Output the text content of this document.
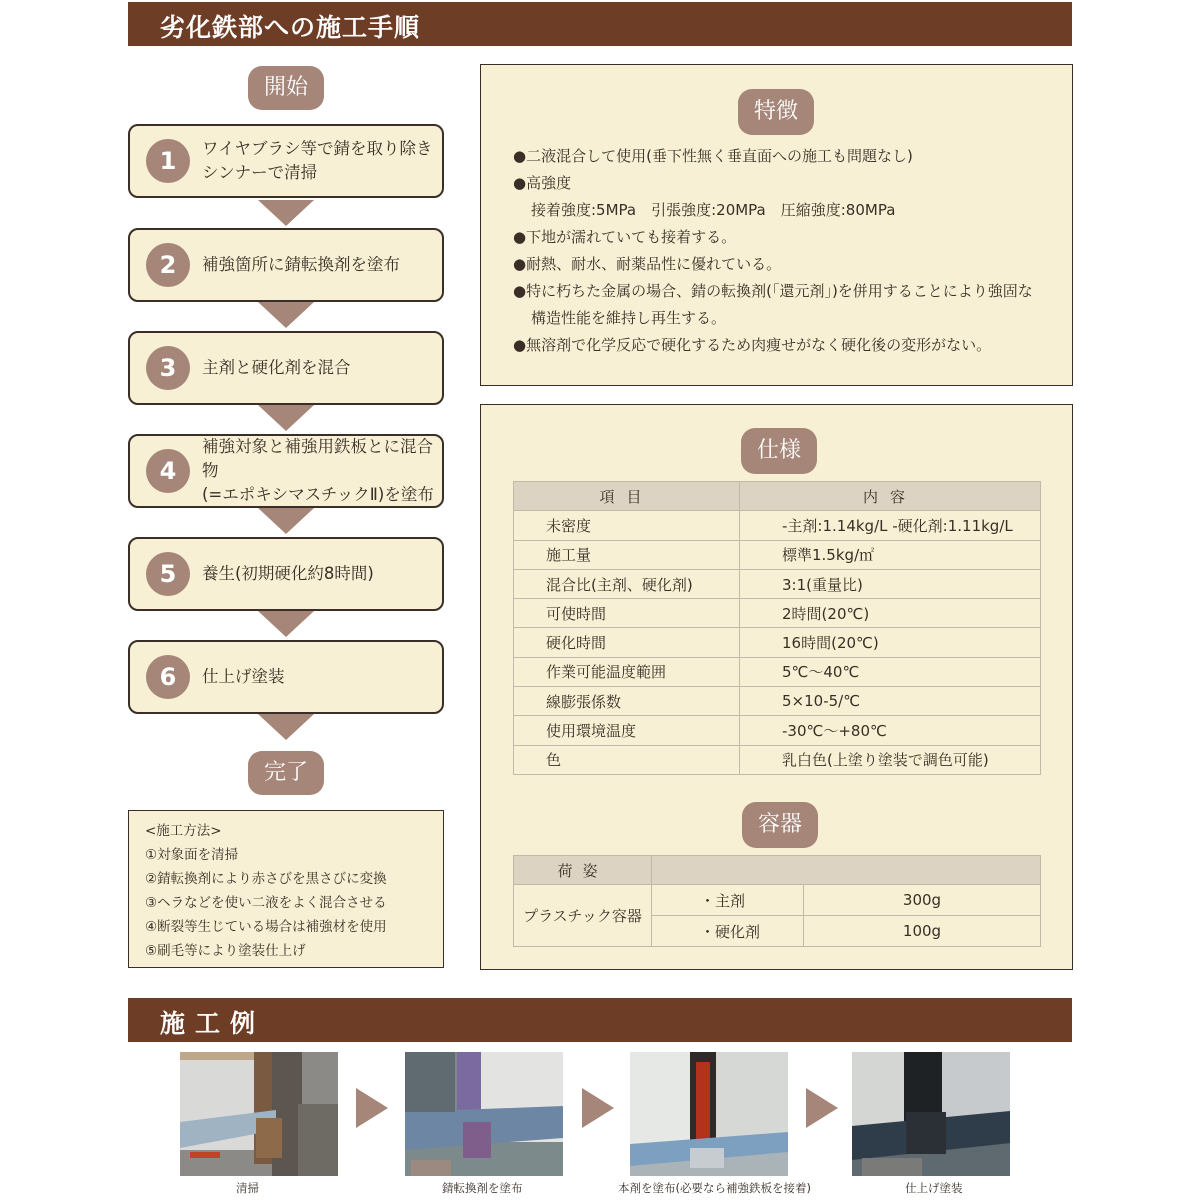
劣化鉄部への施工手順
開始
1	ワイヤブラシ等で錆を取り除き
シンナーで清掃
2	補強箇所に錆転換剤を塗布
3	主剤と硬化剤を混合
4
補強対象と補強用鉄板とに混合物
(=エポキシマスチックⅡ)を塗布
5	養生(初期硬化約8時間)
6	仕上げ塗装
完了
<施工方法>
①対象面を清掃
②錆転換剤により赤さびを黒さびに変換
③ヘラなどを使い二液をよく混合させる
④断裂等生じている場合は補強材を使用
⑤刷毛等により塗装仕上げ
特徴
●二液混合して使用(垂下性無く垂直面への施工も問題なし)
●高強度
接着強度:5MPa　引張強度:20MPa　圧縮強度:80MPa
●下地が濡れていても接着する。
●耐熱、耐水、耐薬品性に優れている。
●特に朽ちた金属の場合、錆の転換剤(「還元剤」)を併用することにより強固な
構造性能を維持し再生する。
●無溶剤で化学反応で硬化するため肉痩せがなく硬化後の変形がない。
仕様
項目	内容
未密度	-主剤:1.14kg/L -硬化剤:1.11kg/L
施工量	標準1.5kg/㎡
混合比(主剤、硬化剤)	3:1(重量比)
可使時間	2時間(20℃)
硬化時間	16時間(20℃)
作業可能温度範囲	5℃～40℃
線膨張係数	5×10-5/℃
使用環境温度	-30℃～+80℃
色	乳白色(上塗り塗装で調色可能)
容器
荷姿		
プラスチック容器	・主剤	300g
	・硬化剤	100g
施工例
清掃	錆転換剤を塗布	本剤を塗布(必要なら補強鉄板を接着)	仕上げ塗装
